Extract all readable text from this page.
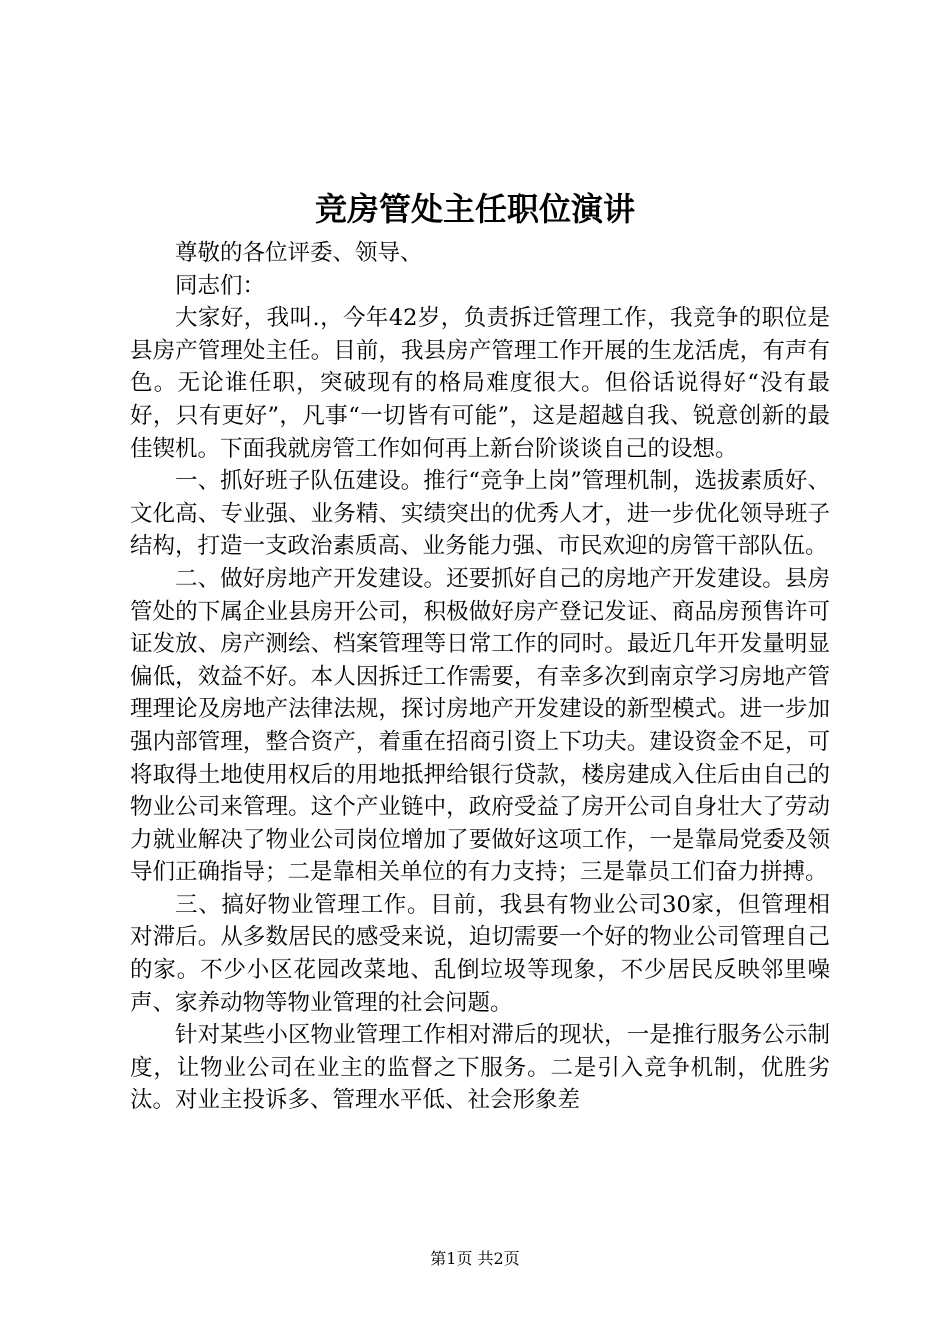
竞房管处主任职位演讲

尊敬的各位评委、领导、

同志们：

大家好，我叫.，今年42岁，负责拆迁管理工作，我竞争的职位是县房产管理处主任。目前，我县房产管理工作开展的生龙活虎，有声有色。无论谁任职，突破现有的格局难度很大。但俗话说得好“没有最好，只有更好”，凡事“一切皆有可能”，这是超越自我、锐意创新的最佳锲机。下面我就房管工作如何再上新台阶谈谈自己的设想。

一、抓好班子队伍建设。推行“竞争上岗”管理机制，选拔素质好、文化高、专业强、业务精、实绩突出的优秀人才，进一步优化领导班子结构，打造一支政治素质高、业务能力强、市民欢迎的房管干部队伍。

二、做好房地产开发建设。还要抓好自己的房地产开发建设。县房管处的下属企业县房开公司，积极做好房产登记发证、商品房预售许可证发放、房产测绘、档案管理等日常工作的同时。最近几年开发量明显偏低，效益不好。本人因拆迁工作需要，有幸多次到南京学习房地产管理理论及房地产法律法规，探讨房地产开发建设的新型模式。进一步加强内部管理，整合资产，着重在招商引资上下功夫。建设资金不足，可将取得土地使用权后的用地抵押给银行贷款，楼房建成入住后由自己的物业公司来管理。这个产业链中，政府受益了房开公司自身壮大了劳动力就业解决了物业公司岗位增加了要做好这项工作，一是靠局党委及领导们正确指导；二是靠相关单位的有力支持；三是靠员工们奋力拼搏。

三、搞好物业管理工作。目前，我县有物业公司30家，但管理相对滞后。从多数居民的感受来说，迫切需要一个好的物业公司管理自己的家。不少小区花园改菜地、乱倒垃圾等现象，不少居民反映邻里噪声、家养动物等物业管理的社会问题。

针对某些小区物业管理工作相对滞后的现状，一是推行服务公示制度，让物业公司在业主的监督之下服务。二是引入竞争机制，优胜劣汰。对业主投诉多、管理水平低、社会形象差

第1页 共2页
